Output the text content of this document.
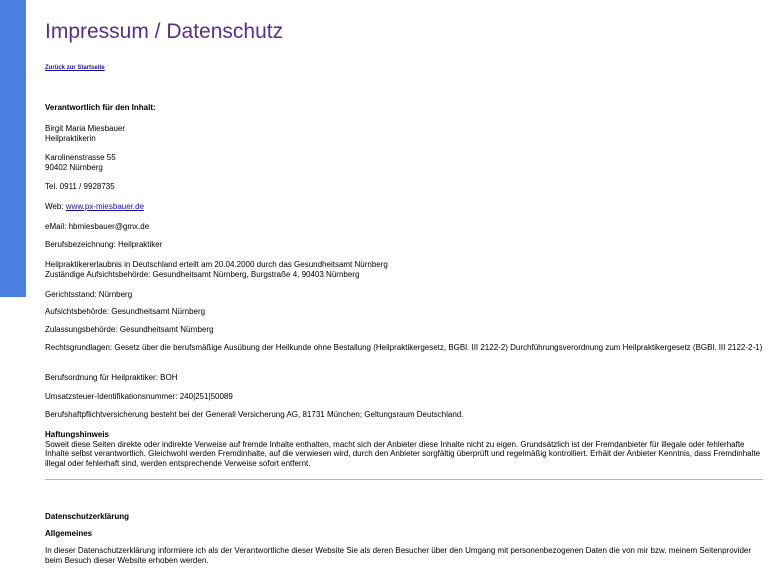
Impressum / Datenschutz
Zurück zur Startseite
Verantwortlich für den Inhalt:

Birgit Maria Miesbauer

Heilpraktikerin

Karolinenstrasse 55

90402 Nürnberg

Tel. 0911 / 9928735
Web: www.px-miesbauer.de
eMail: hbmiesbauer@gmx.de
Berufsbezeichnung: Heilpraktiker

Heilpraktikererlaubnis in Deutschland erteilt am 20.04.2000 durch das Gesundheitsamt Nürnberg

Zuständige Aufsichtsbehörde: Gesundheitsamt Nürnberg, Burgstraße 4, 90403 Nürnberg

Gerichtsstand: Nürnberg
Aufsichtsbehörde: Gesundheitsamt Nürnberg
Zulassungsbehörde: Gesundheitsamt Nürnberg
Rechtsgrundlagen: Gesetz über die berufsmäßige Ausübung der Heilkunde ohne Bestallung (Heilpraktikergesetz, BGBl. III 2122-2) Durchführungsverordnung zum Heilpraktikergesetz (BGBl. III 2122-2-1)
Berufsordnung für Heilpraktiker: BOH
Umsatzsteuer-Identifikationsnummer: 240|251|50089
Berufshaftpflichtversicherung besteht bei der Generali Versicherung AG, 81731 München; Geltungsraum Deutschland.

Haftungshinweis

Soweit diese Seiten direkte oder indirekte Verweise auf fremde Inhalte enthalten, macht sich der Anbieter diese Inhalte nicht zu eigen. Grundsätzlich ist der Fremdanbieter für illegale oder fehlerhafte Inhalte selbst verantwortlich. Gleichwohl werden Fremdinhalte, auf die verwiesen wird, durch den Anbieter sorgfältig überprüft und regelmäßig kontrolliert. Erhält der Anbieter Kenntnis, dass Fremdinhalte illegal oder fehlerhaft sind, werden entsprechende Verweise sofort entfernt.

Datenschutzerklärung
Allgemeines
In dieser Datenschutzerklärung informiere ich als der Verantwortliche dieser Website Sie als deren Besucher über den Umgang mit personenbezogenen Daten die von mir bzw. meinem Seitenprovider beim Besuch dieser Website erhoben werden.
